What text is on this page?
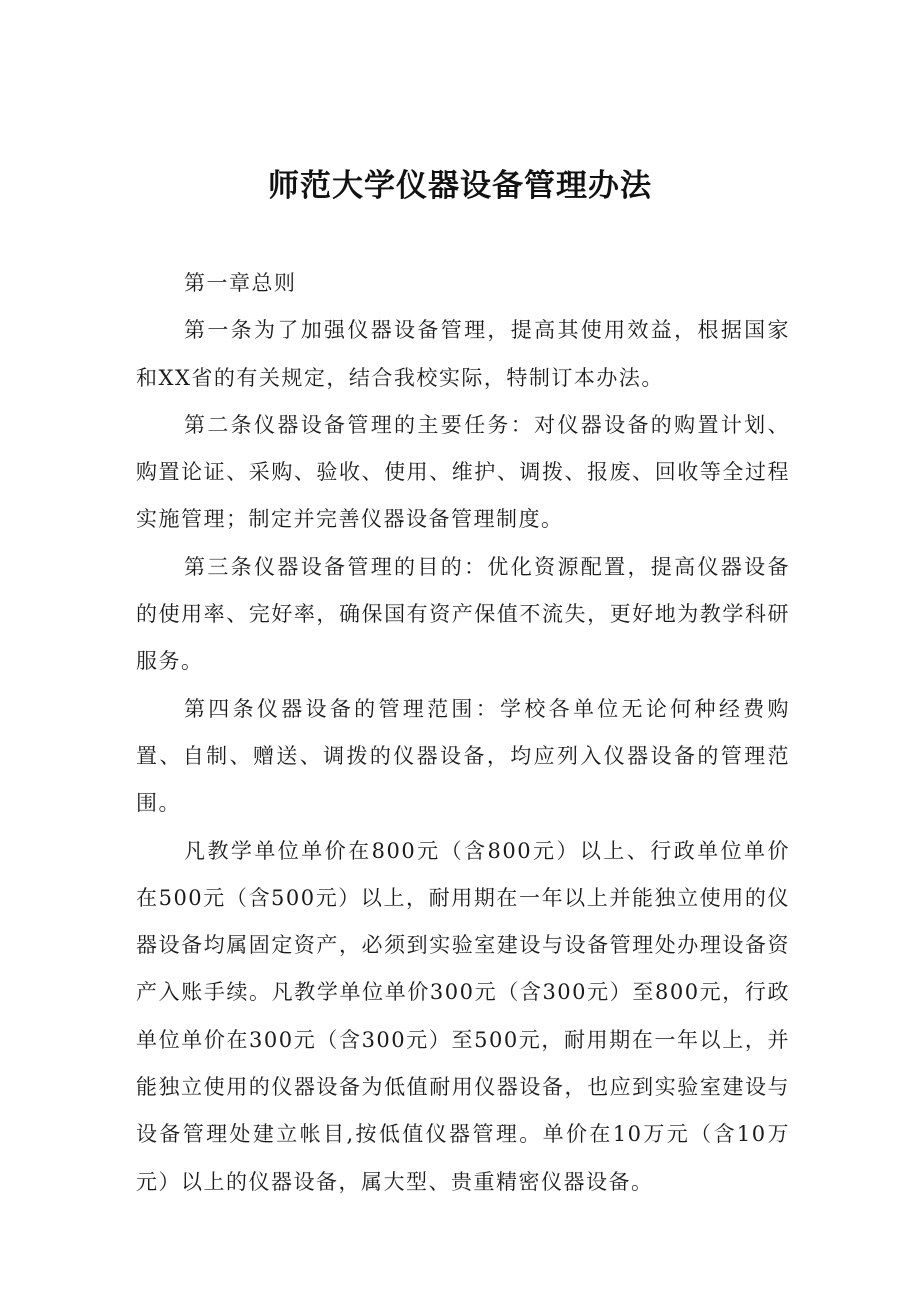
师范大学仪器设备管理办法

第一章总则

第一条为了加强仪器设备管理，提高其使用效益，根据国家和XX省的有关规定，结合我校实际，特制订本办法。

第二条仪器设备管理的主要任务：对仪器设备的购置计划、购置论证、采购、验收、使用、维护、调拨、报废、回收等全过程实施管理；制定并完善仪器设备管理制度。

第三条仪器设备管理的目的：优化资源配置，提高仪器设备的使用率、完好率，确保国有资产保值不流失，更好地为教学科研服务。

第四条仪器设备的管理范围：学校各单位无论何种经费购置、自制、赠送、调拨的仪器设备，均应列入仪器设备的管理范围。

凡教学单位单价在800元（含800元）以上、行政单位单价在500元（含500元）以上，耐用期在一年以上并能独立使用的仪器设备均属固定资产，必须到实验室建设与设备管理处办理设备资产入账手续。凡教学单位单价300元（含300元）至800元，行政单位单价在300元（含300元）至500元，耐用期在一年以上，并能独立使用的仪器设备为低值耐用仪器设备，也应到实验室建设与设备管理处建立帐目,按低值仪器管理。单价在10万元（含10万元）以上的仪器设备，属大型、贵重精密仪器设备。
